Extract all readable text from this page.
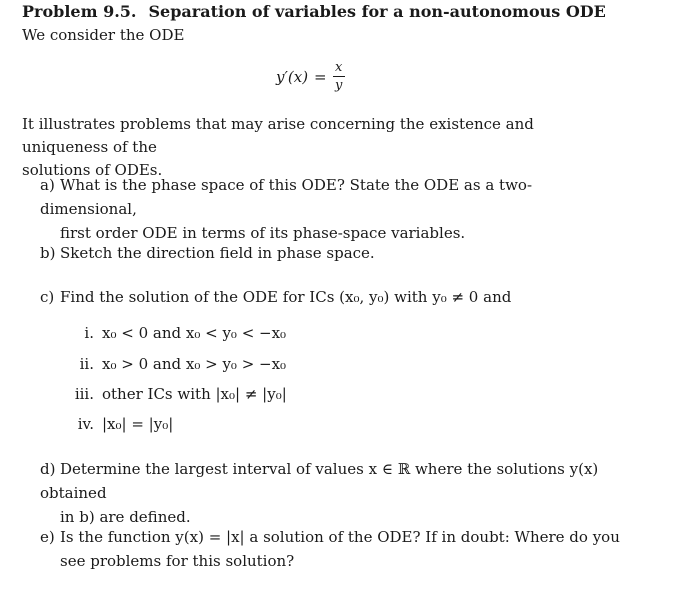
Problem 9.5. Separation of variables for a non-autonomous ODE
We consider the ODE
$y'(x) = \frac{x}{y}$
It illustrates problems that may arise concerning the existence and uniqueness of the
solutions of ODEs.
a) What is the phase space of this ODE? State the ODE as a two-dimensional,
first order ODE in terms of its phase-space variables.
b) Sketch the direction field in phase space.
c) Find the solution of the ODE for ICs (x₀, y₀) with y₀ ≠ 0 and
i. x₀ < 0 and x₀ < y₀ < −x₀
ii. x₀ > 0 and x₀ > y₀ > −x₀
iii. other ICs with |x₀| ≠ |y₀|
iv. |x₀| = |y₀|
d) Determine the largest interval of values x ∈ ℝ where the solutions y(x) obtained
in b) are defined.
e) Is the function y(x) = |x| a solution of the ODE? If in doubt: Where do you
see problems for this solution?
